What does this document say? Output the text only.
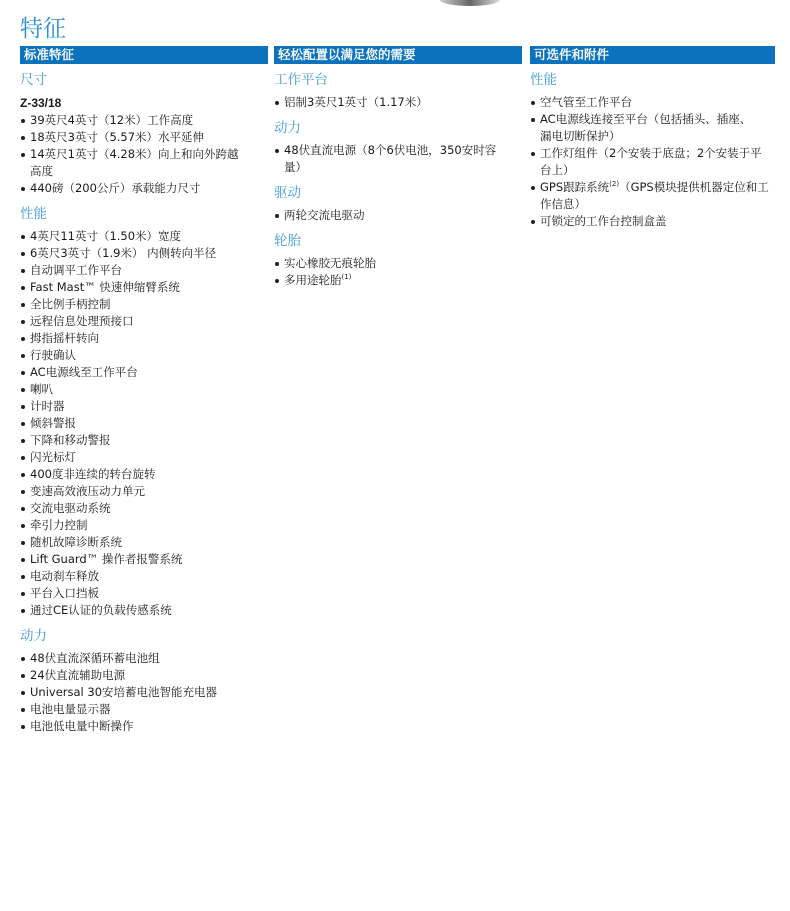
特征
标准特征
尺寸
Z-33/18
39英尺4英寸（12米）工作高度
18英尺3英寸（5.57米）水平延伸
14英尺1英寸（4.28米）向上和向外跨越高度
440磅（200公斤）承载能力尺寸
性能
4英尺11英寸（1.50米）宽度
6英尺3英寸（1.9米） 内侧转向半径
自动调平工作平台
Fast Mast™ 快速伸缩臂系统
全比例手柄控制
远程信息处理预接口
拇指摇杆转向
行驶确认
AC电源线至工作平台
喇叭
计时器
倾斜警报
下降和移动警报
闪光标灯
400度非连续的转台旋转
变速高效液压动力单元
交流电驱动系统
牵引力控制
随机故障诊断系统
Lift Guard™ 操作者报警系统
电动刹车释放
平台入口挡板
通过CE认证的负载传感系统
动力
48伏直流深循环蓄电池组
24伏直流辅助电源
Universal 30安培蓄电池智能充电器
电池电量显示器
电池低电量中断操作
轻松配置以满足您的需要
工作平台
铝制3英尺1英寸（1.17米）
动力
48伏直流电源（8个6伏电池，350安时容量）
驱动
两轮交流电驱动
轮胎
实心橡胶无痕轮胎
多用途轮胎$^{(1)}$
可选件和附件
性能
空气管至工作平台
AC电源线连接至平台（包括插头、插座、漏电切断保护）
工作灯组件（2个安装于底盘；2个安装于平台上）
GPS跟踪系统$^{(2)}$（GPS模块提供机器定位和工作信息）
可锁定的工作台控制盒盖
